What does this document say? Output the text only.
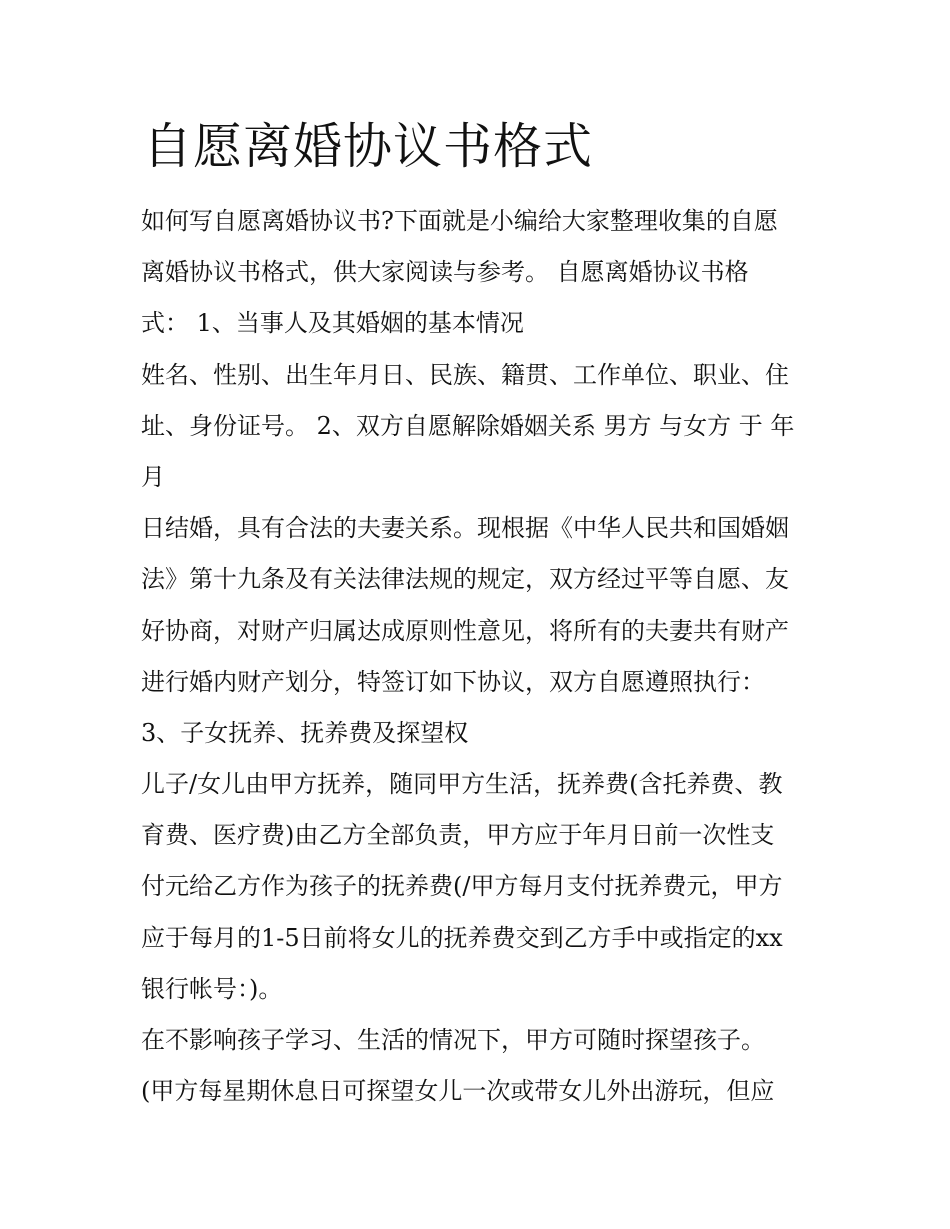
自愿离婚协议书格式

如何写自愿离婚协议书?下面就是小编给大家整理收集的自愿

离婚协议书格式，供大家阅读与参考。 自愿离婚协议书格

式： 1、当事人及其婚姻的基本情况

姓名、性别、出生年月日、民族、籍贯、工作单位、职业、住

址、身份证号。 2、双方自愿解除婚姻关系 男方 与女方 于 年

月

日结婚，具有合法的夫妻关系。现根据《中华人民共和国婚姻

法》第十九条及有关法律法规的规定，双方经过平等自愿、友

好协商，对财产归属达成原则性意见，将所有的夫妻共有财产

进行婚内财产划分，特签订如下协议，双方自愿遵照执行：

3、子女抚养、抚养费及探望权

儿子/女儿由甲方抚养，随同甲方生活，抚养费(含托养费、教

育费、医疗费)由乙方全部负责，甲方应于年月日前一次性支

付元给乙方作为孩子的抚养费(/甲方每月支付抚养费元，甲方

应于每月的1-5日前将女儿的抚养费交到乙方手中或指定的xx

银行帐号：)。

在不影响孩子学习、生活的情况下，甲方可随时探望孩子。

(甲方每星期休息日可探望女儿一次或带女儿外出游玩，但应
